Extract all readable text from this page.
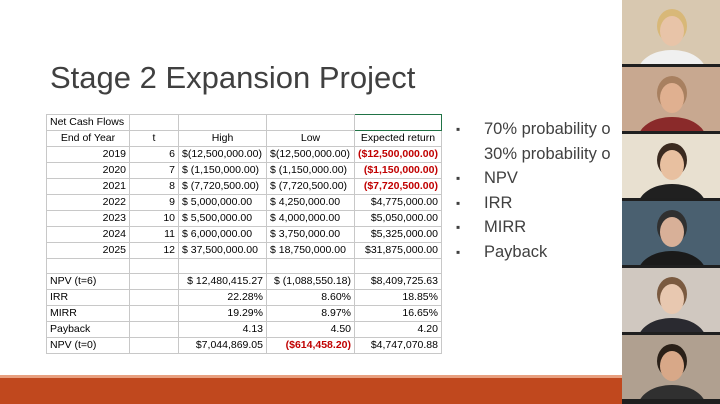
Stage 2 Expansion Project
Net Cash Flows				
End of Year	t	High	Low	Expected return
2019	6	$(12,500,000.00)	$(12,500,000.00)	($12,500,000.00)
2020	7	$ (1,150,000.00)	$ (1,150,000.00)	($1,150,000.00)
2021	8	$ (7,720,500.00)	$ (7,720,500.00)	($7,720,500.00)
2022	9	$ 5,000,000.00	$ 4,250,000.00	$4,775,000.00
2023	10	$ 5,500,000.00	$ 4,000,000.00	$5,050,000.00
2024	11	$ 6,000,000.00	$ 3,750,000.00	$5,325,000.00
2025	12	$ 37,500,000.00	$ 18,750,000.00	$31,875,000.00

NPV (t=6)		$ 12,480,415.27	$ (1,088,550.18)	$8,409,725.63
IRR		22.28%	8.60%	18.85%
MIRR		19.29%	8.97%	16.65%
Payback		4.13	4.50	4.20
NPV (t=0)		$7,044,869.05	($614,458.20)	$4,747,070.88
▪ 70% probability o
30% probability o
▪ NPV
▪ IRR
▪ MIRR
▪ Payback
